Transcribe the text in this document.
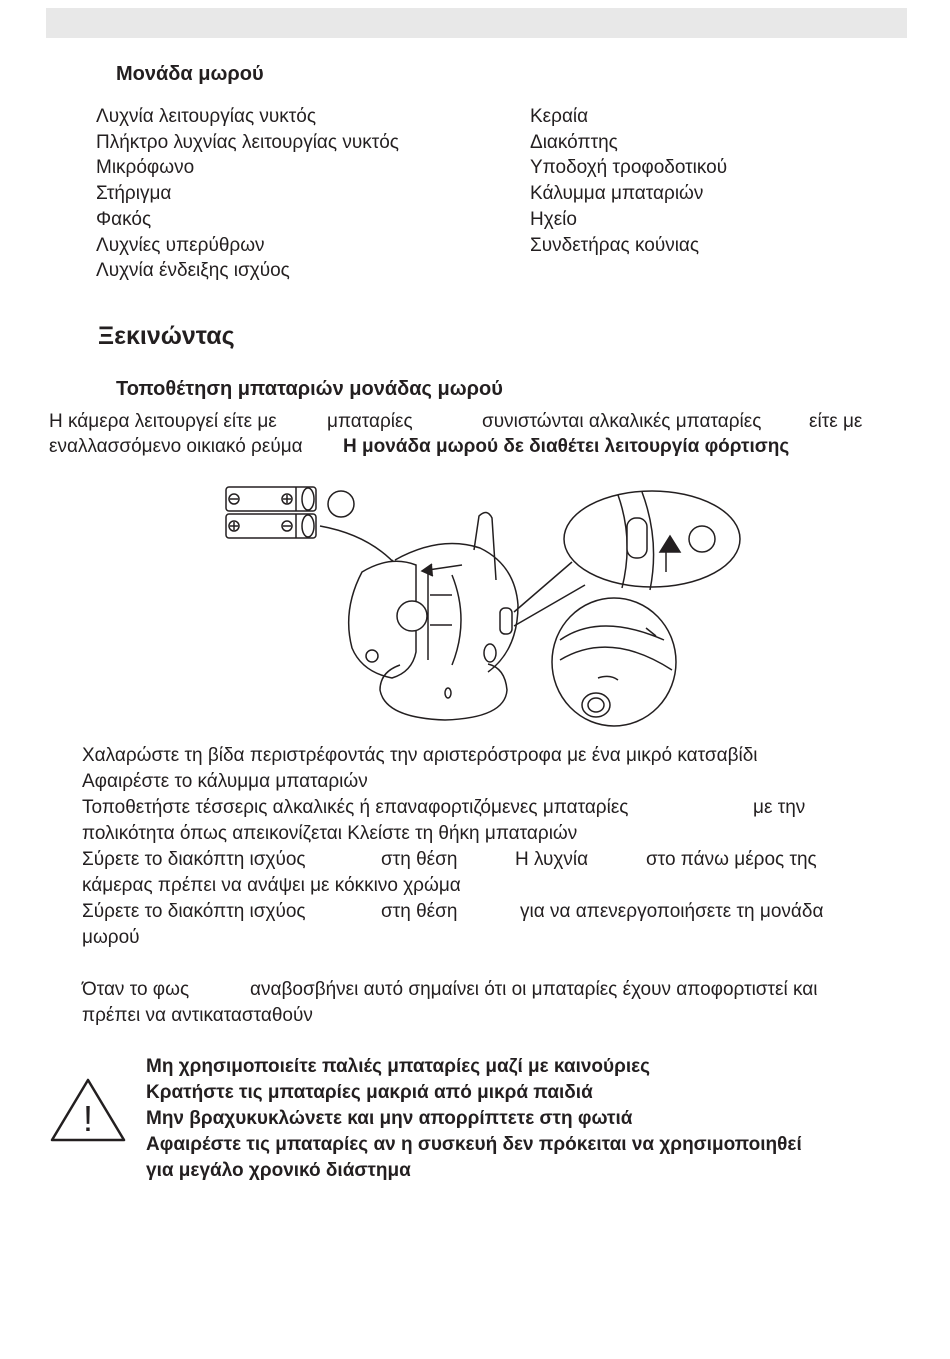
Μονάδα μωρού
Λυχνία λειτουργίας νυκτός
Πλήκτρο λυχνίας λειτουργίας νυκτός
Μικρόφωνο
Στήριγμα
Φακός
Λυχνίες υπερύθρων
Λυχνία ένδειξης ισχύος
Κεραία
Διακόπτης
Υποδοχή τροφοδοτικού
Κάλυμμα μπαταριών
Ηχείο
Συνδετήρας κούνιας
Ξεκινώντας
Τοποθέτηση μπαταριών μονάδας μωρού
Η κάμερα λειτουργεί είτε με	μπαταρίες	συνιστώνται αλκαλικές μπαταρίες	είτε με
εναλλασσόμενο οικιακό ρεύμα Η μονάδα μωρού δε διαθέτει λειτουργία φόρτισης
Χαλαρώστε τη βίδα περιστρέφοντάς την αριστερόστροφα με ένα μικρό κατσαβίδι
Αφαιρέστε το κάλυμμα μπαταριών
Τοποθετήστε τέσσερις αλκαλικές ή επαναφορτιζόμενες μπαταρίες	με την
πολικότητα όπως απεικονίζεται Κλείστε τη θήκη μπαταριών
Σύρετε το διακόπτη ισχύος	στη θέση	Η λυχνία	στο πάνω μέρος της
κάμερας πρέπει να ανάψει με κόκκινο χρώμα
Σύρετε το διακόπτη ισχύος	στη θέση	για να απενεργοποιήσετε τη μονάδα
μωρού
Όταν το φως	αναβοσβήνει αυτό σημαίνει ότι οι μπαταρίες έχουν αποφορτιστεί και
πρέπει να αντικατασταθούν
!
Μη χρησιμοποιείτε παλιές μπαταρίες μαζί με καινούριες
Κρατήστε τις μπαταρίες μακριά από μικρά παιδιά
Μην βραχυκυκλώνετε και μην απορρίπτετε στη φωτιά
Αφαιρέστε τις μπαταρίες αν η συσκευή δεν πρόκειται να χρησιμοποιηθεί
για μεγάλο χρονικό διάστημα
